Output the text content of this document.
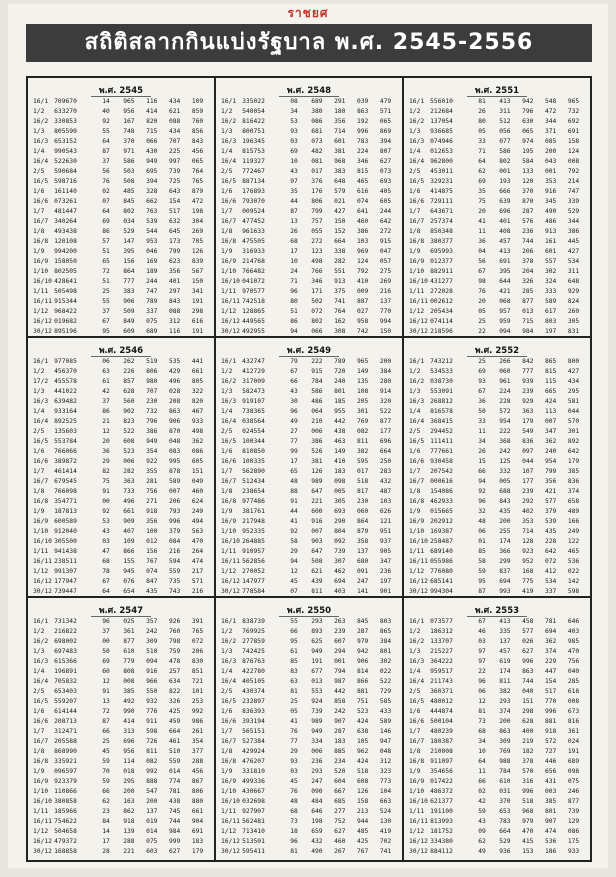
ราชยศ
สถิติสลากกินแบ่งรัฐบาล พ.ศ. 2545-2556
พ.ศ. 2545
16/1 709670	14	965	116	434	109
1/2	633270	40	956	414	621	859
16/2 330853	92	167	820	088	760
1/3	805590	55	748	715	434	856
16/3 653152	64	370	066	707	843
1/4	990543	87	971	430	225	456
16/4 522630	37	586	949	997	065
2/5	590684	56	503	695	739	764
16/5 598716	76	508	394	725	765
1/6	161140	02	485	328	643	879
16/6 073261	07	845	662	154	472
1/7	481447	64	802	763	517	198
16/7 340264	69	034	539	632	304
1/8	493438	86	529	544	645	269
16/8 120108	57	147	953	173	705
1/9	994200	51	395	046	799	126
16/9 158050	65	156	169	623	839
1/10 802505	72	864	189	356	567
16/10 428641	51	777	244	401	150
1/11 505498	25	383	747	297	341
16/11 915344	55	906	789	843	191
1/12 968422	37	509	337	088	298
16/12 019682	67	849	075	312	616
30/12 895196	95	609	689	116	191
พ.ศ. 2548
16/1 335022	08	689	291	039	479
1/2	540054	34	380	180	863	571
16/2 816422	53	086	356	192	065
1/3	800751	93	681	714	996	869
16/3 196345	03	073	601	783	394
1/4	815753	69	482	381	224	807
16/4 119327	10	081	968	346	627
2/5	772467	43	017	383	815	073
16/5 887134	97	376	648	465	693
1/6	176893	35	176	579	616	405
16/6 793070	44	806	021	074	605
1/7	009524	87	799	427	641	244
16/7 477452	13	757	150	460	642
1/8	961633	26	055	152	386	272
16/8 475505	68	272	664	103	915
1/9	316933	17	123	338	969	047
16/9 214768	10	498	282	124	057
1/10 766482	24	766	551	792	275
16/10 041072	71	346	913	410	269
1/11 970577	96	171	375	009	216
16/11 742518	80	502	741	887	137
1/12 128865	51	072	764	027	770
16/12 449565	86	802	162	958	994
30/12 492955	94	066	308	742	150
พ.ศ. 2551
16/1 556010	81	413	942	548	965
1/2	212684	26	311	796	472	732
16/2 137054	80	512	630	344	692
1/3	936685	05	056	065	371	691
16/3 074946	33	077	974	085	158
1/4	012653	71	586	195	200	124
16/4 962800	64	802	584	043	008
2/5	453011	62	001	133	001	792
16/5 329231	69	193	120	353	214
1/6	414875	35	666	370	916	747
16/6 729111	75	639	870	345	339
1/7	643671	20	696	287	490	529
16/7 257374	41	401	576	486	344
1/8	850348	11	408	236	913	386
16/8 380377	36	457	744	161	445
1/9	695993	04	413	206	601	427
16/9 012377	56	691	378	557	534
1/10 882911	67	395	204	302	311
16/10 431277	98	644	326	324	648
1/11 272028	76	421	285	333	929
16/11 002612	20	068	877	589	824
1/12 205434	05	957	013	617	260
16/12 074114	25	959	715	803	305
30/12 218596	22	094	984	197	831
พ.ศ. 2546
16/1 977085	06	262	519	535	441
1/2	456370	63	226	806	429	661
17/2 455578	61	857	980	496	805
1/3	441022	42	628	707	028	322
16/3 639482	37	560	230	208	820
1/4	933164	86	902	732	863	467
16/4 892525	21	823	796	906	933
2/5	135603	12	522	386	870	498
16/5 553784	20	608	949	048	362
1/6	766066	36	523	354	083	086
16/6 389872	29	006	922	995	605
1/7	461414	82	282	355	878	151
16/7 679545	75	363	281	589	049
1/8	766098	91	733	756	007	460
16/8 354771	00	496	271	206	624
1/9	187813	92	661	918	793	249
16/9 600589	53	909	356	996	494
1/10 912040	43	407	100	379	563
16/10 305500	03	109	012	084	470
1/11 941438	47	866	156	216	264
16/11 238511	68	155	767	594	474
1/12 991307	78	945	074	559	217
16/12 177947	67	076	847	735	571
30/12 739447	64	654	435	743	216
พ.ศ. 2549
16/1 432747	79	222	789	965	200
1/2	412729	67	915	720	149	384
16/2 317009	66	784	240	135	280
1/3	582473	43	586	801	108	914
16/3 919107	30	486	185	205	320
1/4	738365	96	064	955	301	522
16/4 038564	49	210	442	769	877
2/5	024554	27	006	438	082	177
16/5 100344	77	386	463	811	696
1/6	810850	99	526	149	382	664
16/6 100335	17	381	410	595	250
1/7	562890	65	126	183	017	283
16/7 512434	48	989	098	518	432
1/8	238654	88	647	005	817	487
16/8 977486	91	221	305	230	103
1/9	381761	44	600	693	060	626
16/9 217948	41	916	290	864	121
1/10 952335	92	007	804	879	951
16/10 264885	58	903	092	358	937
1/11 910957	29	647	739	137	905
16/11 562856	94	508	307	680	347
1/12 270052	12	621	462	091	236
16/12 147977	45	439	694	247	197
30/12 778584	07	811	403	141	901
พ.ศ. 2552
16/1 743212	25	266	842	865	800
1/2	534533	69	060	777	815	427
16/2 038730	93	961	939	115	434
1/3	553091	67	224	239	665	295
16/3 268812	36	228	929	424	581
1/4	816578	50	572	363	113	044
16/4 368415	33	954	179	007	570
2/5	294452	11	222	549	347	301
16/5 111411	34	368	836	362	892
1/6	777661	26	242	097	240	642
16/6 930458	15	125	044	954	179
1/7	207542	66	332	107	799	385
16/7 000616	94	005	177	356	836
1/8	154086	92	688	239	421	374
16/8 462933	96	843	292	577	658
1/9	015665	32	435	402	379	489
16/9 202912	48	200	353	539	166
1/10 169387	06	255	714	435	249
16/10 258487	01	174	128	228	122
1/11 689140	85	366	923	642	465
16/11 055986	58	299	952	072	536
1/12 776080	59	837	168	412	022
16/12 685141	95	694	775	534	142
30/12 994304	87	993	419	337	598
พ.ศ. 2547
16/1 731342	96	025	357	926	391
1/2	216822	37	361	242	760	765
16/2 698002	00	877	309	798	072
1/3	697483	50	610	510	759	206
16/3 615366	69	779	094	478	830
1/4	196891	60	808	916	257	851
16/4 705832	12	008	966	634	721
2/5	653403	91	385	550	822	101
16/5 559207	13	492	932	326	253
1/6	614144	72	990	776	425	992
16/6 208713	87	414	911	459	986
1/7	312471	66	313	598	664	261
16/7 205588	25	696	726	461	354
1/8	868990	45	956	811	510	377
16/8 335921	59	114	082	559	288
1/9	096597	70	018	992	014	456
16/9 923379	59	295	888	774	867
1/10 110866	66	200	547	781	806
16/10 380858	62	163	200	438	880
1/11 185966	23	862	137	745	661
16/11 754622	84	918	019	744	904
1/12 504658	14	139	014	984	691
16/12 479372	17	288	075	999	183
30/12 168858	28	221	603	627	179
พ.ศ. 2550
16/1 838739	55	293	263	845	803
1/2	769925	66	893	239	287	865
16/2 277859	95	625	607	979	384
1/3	742425	61	949	294	942	801
16/3 876763	85	191	001	906	302
1/4	422780	83	677	794	814	022
16/4 405105	63	013	987	866	522
2/5	430374	81	553	442	881	729
16/5 232897	25	924	858	751	585
1/6	836393	05	739	242	523	433
16/6 393194	41	989	907	424	589
1/7	565151	76	949	287	638	146
16/7 527384	77	334	183	105	947
1/8	429924	29	006	885	962	048
16/8 476207	93	236	234	424	312
1/9	331810	03	293	520	518	323
16/9 499336	45	247	604	608	773
1/10 430667	76	090	667	126	104
16/10 032698	48	484	685	158	663
1/11 927907	68	646	277	213	524
16/11 562481	73	198	752	944	130
1/12 713410	18	659	627	485	419
16/12 513501	96	432	460	425	702
30/12 595411	81	490	267	767	741
พ.ศ. 2553
16/1 073577	67	413	458	781	646
1/2	186312	46	335	577	694	403
16/2 133707	03	137	026	362	985
1/3	215227	97	457	627	374	470
16/3 364222	97	619	996	229	756
1/4	959517	22	174	863	447	040
16/4 211743	96	811	744	154	285
2/5	360371	06	382	040	517	618
16/5 480012	12	293	151	770	008
1/6	444874	81	374	298	996	673
16/6 500104	73	200	628	881	816
1/7	480239	68	863	400	918	361
16/7 180387	34	309	219	572	024
1/8	210008	10	769	182	727	191
16/8 911097	64	988	378	446	689
1/9	354656	11	784	570	656	098
16/9 017422	66	610	316	431	075
1/10 486372	02	031	996	003	246
16/10 621377	42	370	518	385	877
1/11 191100	59	653	968	801	739
16/11 813993	43	783	979	907	129
1/12 181752	09	664	470	474	086
16/12 334380	62	529	415	536	175
30/12 884112	49	936	153	186	933
